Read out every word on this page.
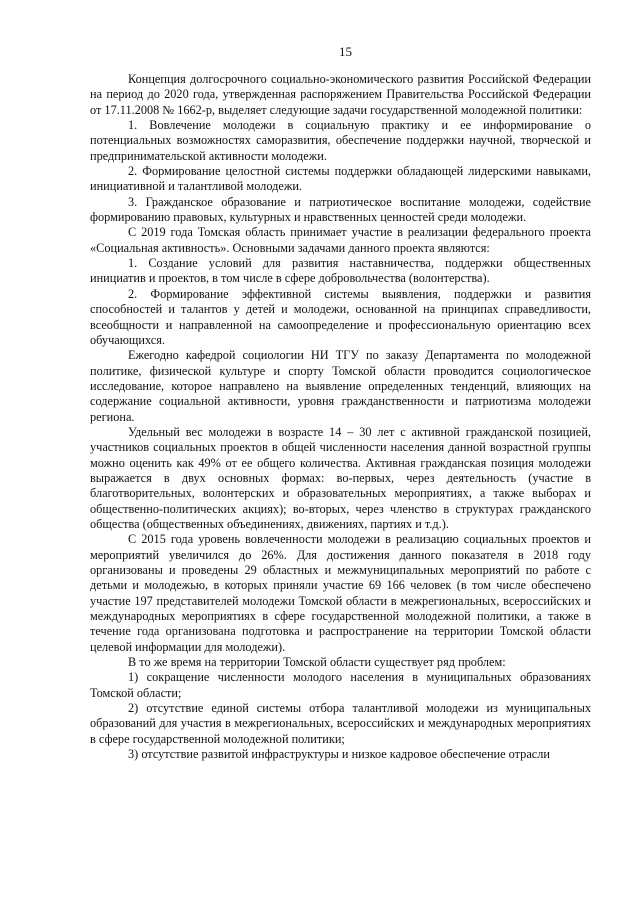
15

Концепция долгосрочного социально-экономического развития Российской Федерации на период до 2020 года, утвержденная распоряжением Правительства Российской Федерации от 17.11.2008 № 1662-р, выделяет следующие задачи государственной молодежной политики:

1. Вовлечение молодежи в социальную практику и ее информирование о потенциальных возможностях саморазвития, обеспечение поддержки научной, творческой и предпринимательской активности молодежи.

2. Формирование целостной системы поддержки обладающей лидерскими навыками, инициативной и талантливой молодежи.

3. Гражданское образование и патриотическое воспитание молодежи, содействие формированию правовых, культурных и нравственных ценностей среди молодежи.

С 2019 года Томская область принимает участие в реализации федерального проекта «Социальная активность». Основными задачами данного проекта являются:

1. Создание условий для развития наставничества, поддержки общественных инициатив и проектов, в том числе в сфере добровольчества (волонтерства).

2. Формирование эффективной системы выявления, поддержки и развития способностей и талантов у детей и молодежи, основанной на принципах справедливости, всеобщности и направленной на самоопределение и профессиональную ориентацию всех обучающихся.

Ежегодно кафедрой социологии НИ ТГУ по заказу Департамента по молодежной политике, физической культуре и спорту Томской области проводится социологическое исследование, которое направлено на выявление определенных тенденций, влияющих на содержание социальной активности, уровня гражданственности и патриотизма молодежи региона.

Удельный вес молодежи в возрасте 14 – 30 лет с активной гражданской позицией, участников социальных проектов в общей численности населения данной возрастной группы можно оценить как 49% от ее общего количества. Активная гражданская позиция молодежи выражается в двух основных формах: во-первых, через деятельность (участие в благотворительных, волонтерских и образовательных мероприятиях, а также выборах и общественно-политических акциях); во-вторых, через членство в структурах гражданского общества (общественных объединениях, движениях, партиях и т.д.).

С 2015 года уровень вовлеченности молодежи в реализацию социальных проектов и мероприятий увеличился до 26%. Для достижения данного показателя в 2018 году организованы и проведены 29 областных и межмуниципальных мероприятий по работе с детьми и молодежью, в которых приняли участие 69 166 человек (в том числе обеспечено участие 197 представителей молодежи Томской области в межрегиональных, всероссийских и международных мероприятиях в сфере государственной молодежной политики, а также в течение года организована подготовка и распространение на территории Томской области целевой информации для молодежи).

В то же время на территории Томской области существует ряд проблем:

1) сокращение численности молодого населения в муниципальных образованиях Томской области;

2) отсутствие единой системы отбора талантливой молодежи из муниципальных образований для участия в межрегиональных, всероссийских и международных мероприятиях в сфере государственной молодежной политики;

3) отсутствие развитой инфраструктуры и низкое кадровое обеспечение отрасли
